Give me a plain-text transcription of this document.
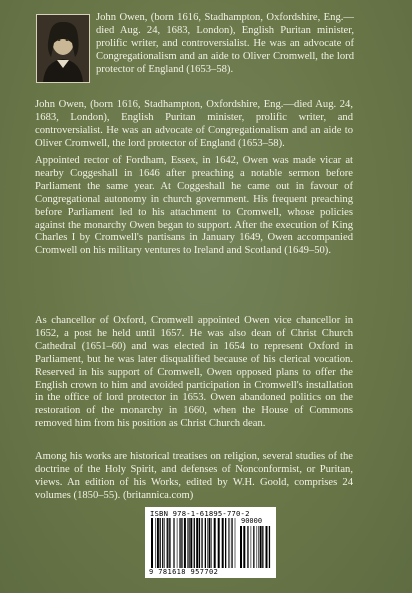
John Owen, (born 1616, Stadhampton, Oxfordshire, Eng.—died Aug. 24, 1683, London), English Puritan minister, prolific writer, and controversialist. He was an advocate of Congregationalism and an aide to Oliver Cromwell, the lord protector of England (1653–58).

John Owen, (born 1616, Stadhampton, Oxfordshire, Eng.—died Aug. 24, 1683, London), English Puritan minister, prolific writer, and controversialist. He was an advocate of Congregationalism and an aide to Oliver Cromwell, the lord protector of England (1653–58).

Appointed rector of Fordham, Essex, in 1642, Owen was made vicar at nearby Coggeshall in 1646 after preaching a notable sermon before Parliament the same year. At Coggeshall he came out in favour of Congregational autonomy in church government. His frequent preaching before Parliament led to his attachment to Cromwell, whose policies against the monarchy Owen began to support. After the execution of King Charles I by Cromwell's partisans in January 1649, Owen accompanied Cromwell on his military ventures to Ireland and Scotland (1649–50).

As chancellor of Oxford, Cromwell appointed Owen vice chancellor in 1652, a post he held until 1657. He was also dean of Christ Church Cathedral (1651–60) and was elected in 1654 to represent Oxford in Parliament, but he was later disqualified because of his clerical vocation. Reserved in his support of Cromwell, Owen opposed plans to offer the English crown to him and avoided participation in Cromwell's installation in the office of lord protector in 1653. Owen abandoned politics on the restoration of the monarchy in 1660, when the House of Commons removed him from his position as Christ Church dean.

Among his works are historical treatises on religion, several studies of the doctrine of the Holy Spirit, and defenses of Nonconformist, or Puritan, views. An edition of his Works, edited by W.H. Goold, comprises 24 volumes (1850–55). (britannica.com)

ISBN 978-1-61895-770-2
90000
9 781618 957702
